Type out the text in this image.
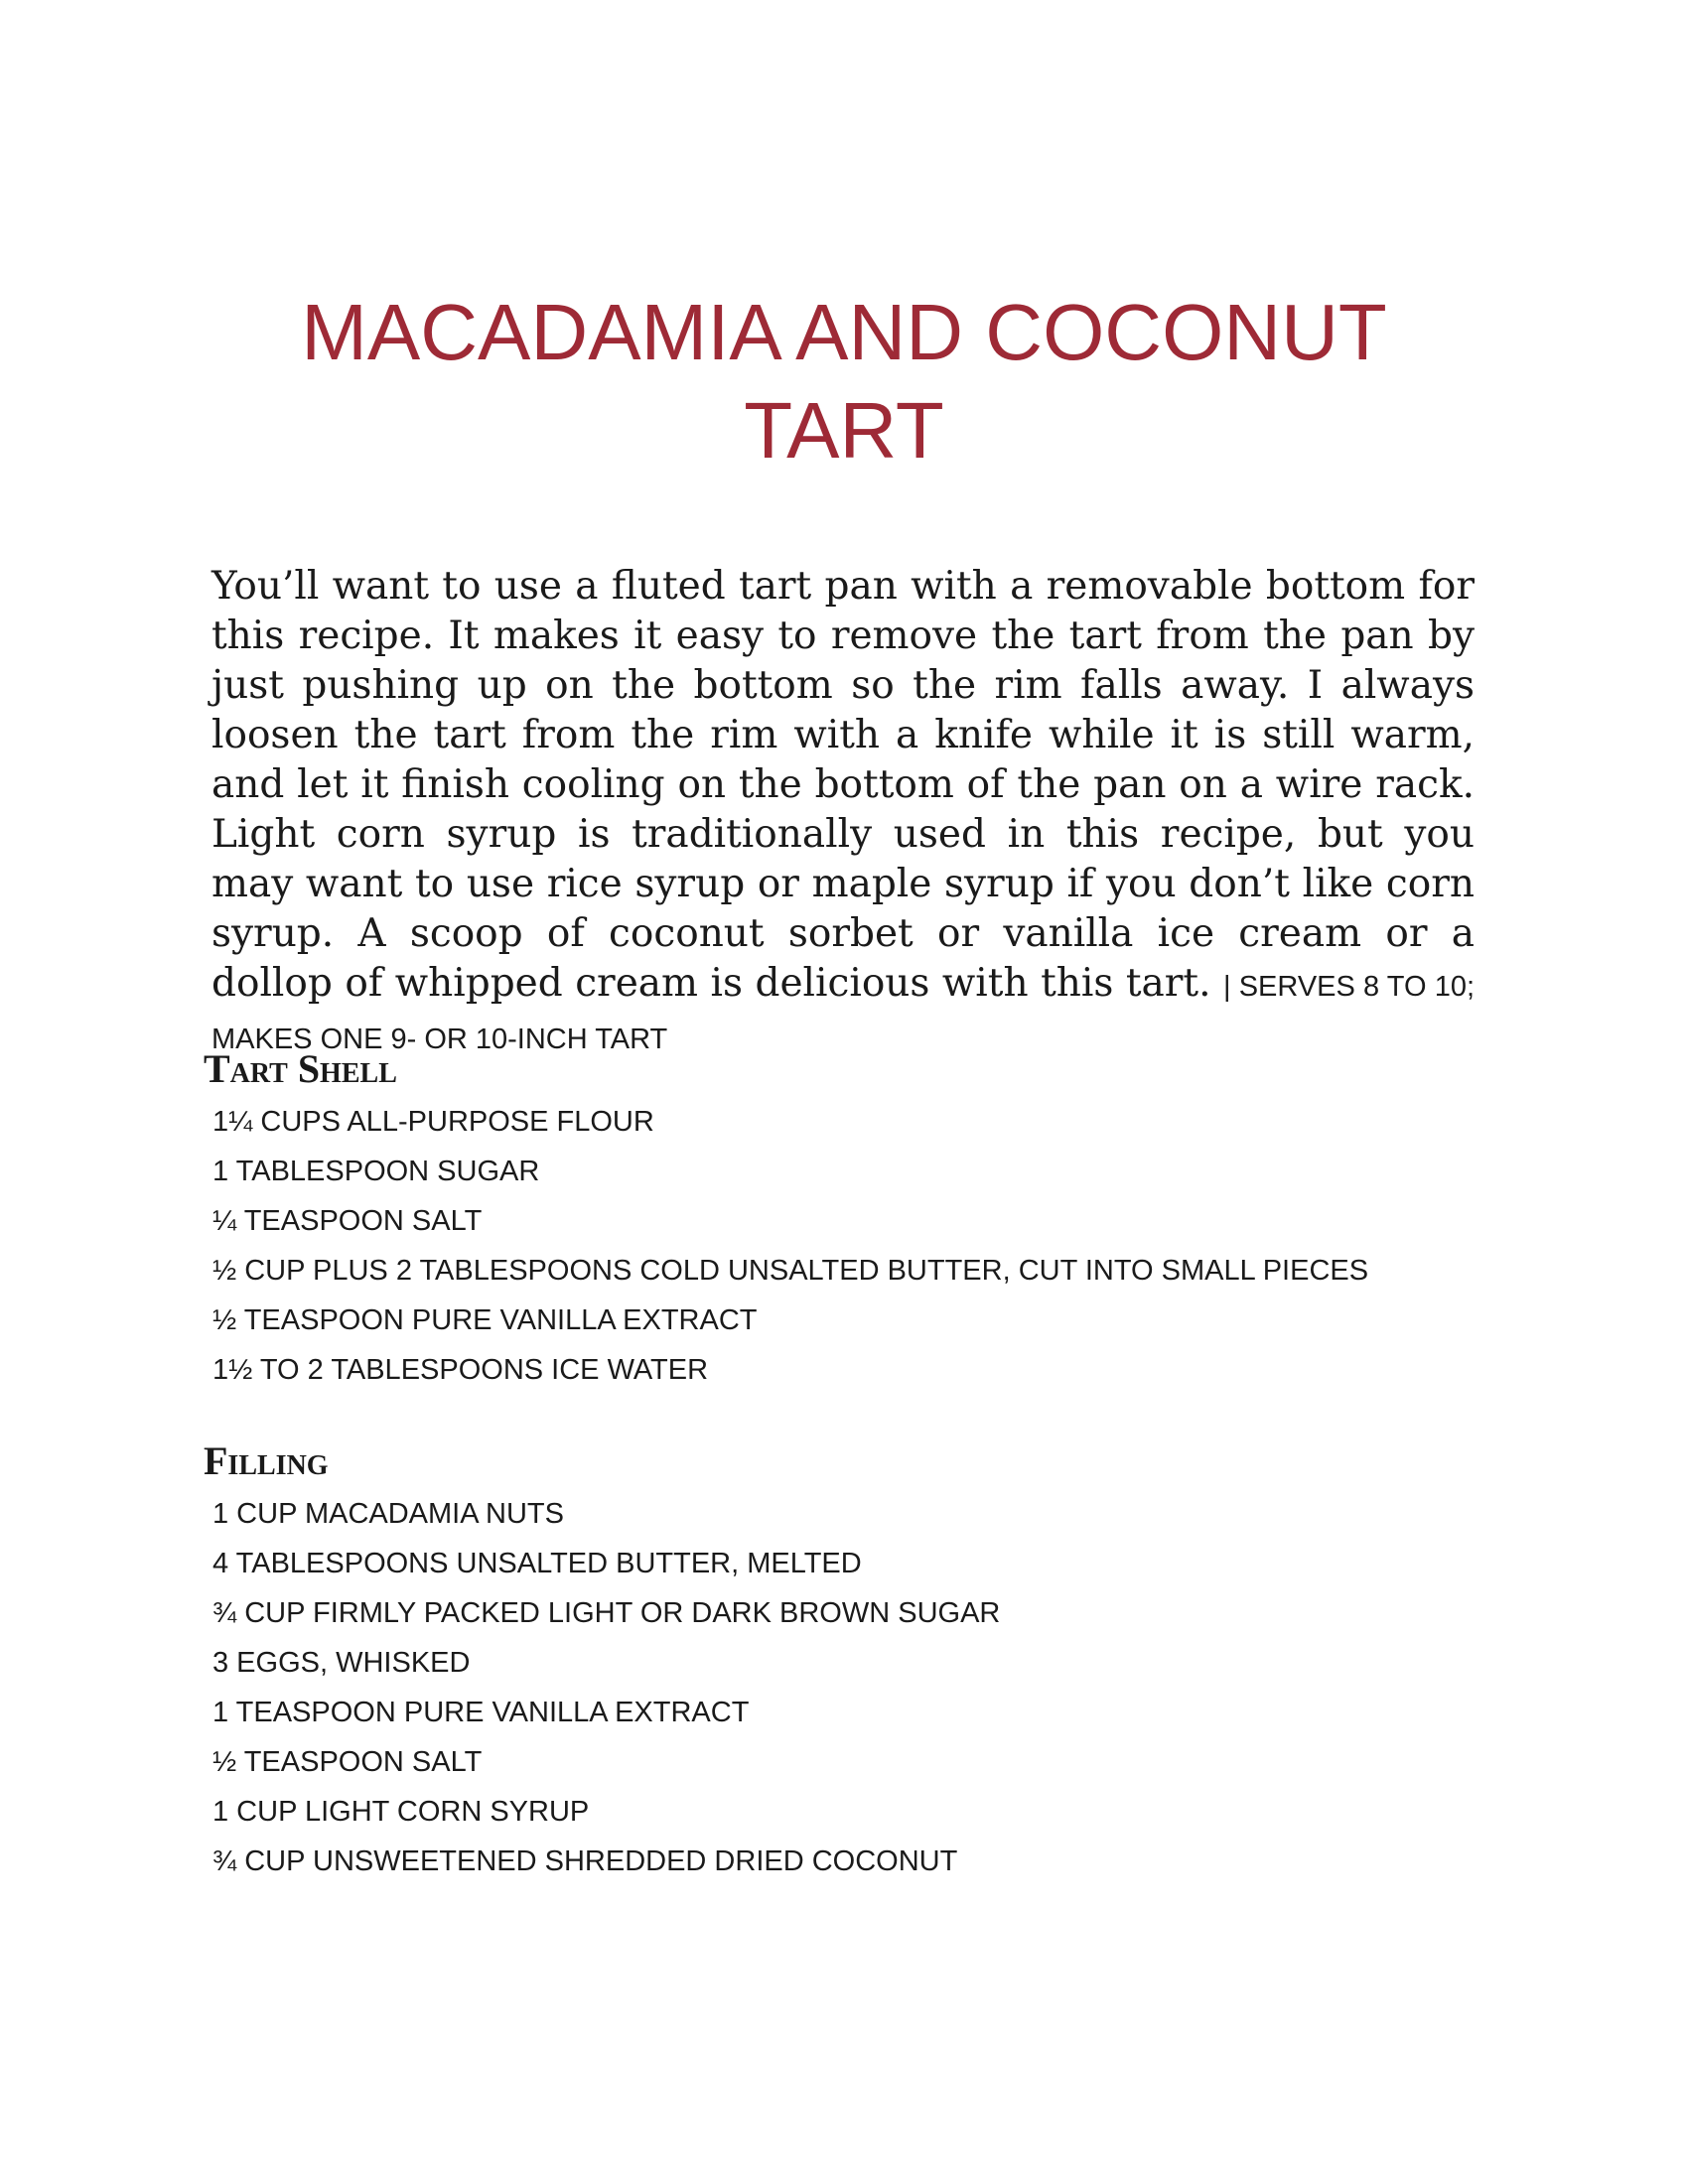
MACADAMIA AND COCONUT TART

You’ll want to use a fluted tart pan with a removable bottom for this recipe. It makes it easy to remove the tart from the pan by just pushing up on the bottom so the rim falls away. I always loosen the tart from the rim with a knife while it is still warm, and let it finish cooling on the bottom of the pan on a wire rack. Light corn syrup is traditionally used in this recipe, but you may want to use rice syrup or maple syrup if you don’t like corn syrup. A scoop of coconut sorbet or vanilla ice cream or a dollop of whipped cream is delicious with this tart. | SERVES 8 TO 10; MAKES ONE 9- OR 10-INCH TART

Tart Shell
1¼ CUPS ALL-PURPOSE FLOUR
1 TABLESPOON SUGAR
¼ TEASPOON SALT
½ CUP PLUS 2 TABLESPOONS COLD UNSALTED BUTTER, CUT INTO SMALL PIECES
½ TEASPOON PURE VANILLA EXTRACT
1½ TO 2 TABLESPOONS ICE WATER
Filling
1 CUP MACADAMIA NUTS
4 TABLESPOONS UNSALTED BUTTER, MELTED
¾ CUP FIRMLY PACKED LIGHT OR DARK BROWN SUGAR
3 EGGS, WHISKED
1 TEASPOON PURE VANILLA EXTRACT
½ TEASPOON SALT
1 CUP LIGHT CORN SYRUP
¾ CUP UNSWEETENED SHREDDED DRIED COCONUT
